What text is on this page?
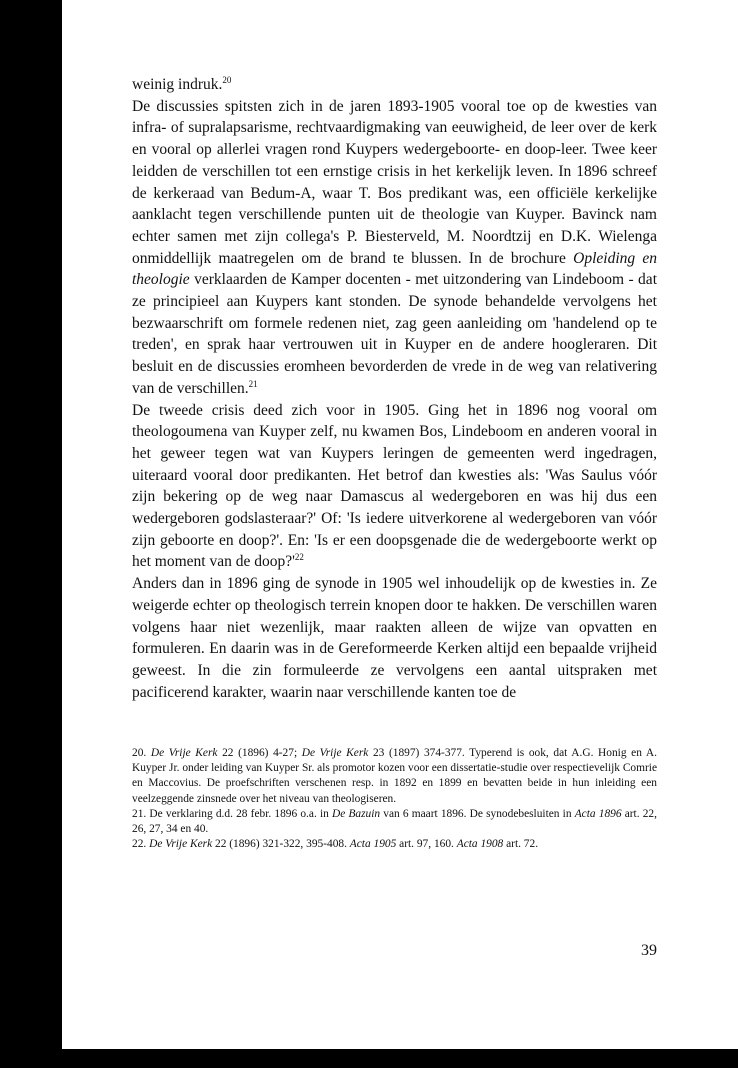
weinig indruk.$^{20}$

De discussies spitsten zich in de jaren 1893-1905 vooral toe op de kwesties van infra- of supralapsarisme, rechtvaardigmaking van eeuwigheid, de leer over de kerk en vooral op allerlei vragen rond Kuypers wedergeboorte- en doop-leer. Twee keer leidden de verschillen tot een ernstige crisis in het kerkelijk leven. In 1896 schreef de kerkeraad van Bedum-A, waar T. Bos predikant was, een officiële kerkelijke aanklacht tegen verschillende punten uit de theologie van Kuyper. Bavinck nam echter samen met zijn collega's P. Biesterveld, M. Noordtzij en D.K. Wielenga onmiddellijk maatregelen om de brand te blussen. In de brochure Opleiding en theologie verklaarden de Kamper docenten - met uitzondering van Lindeboom - dat ze principieel aan Kuypers kant stonden. De synode behandelde vervolgens het bezwaarschrift om formele redenen niet, zag geen aanleiding om 'handelend op te treden', en sprak haar vertrouwen uit in Kuyper en de andere hoogleraren. Dit besluit en de discussies eromheen bevorderden de vrede in de weg van relativering van de verschillen.$^{21}$

De tweede crisis deed zich voor in 1905. Ging het in 1896 nog vooral om theologoumena van Kuyper zelf, nu kwamen Bos, Lindeboom en anderen vooral in het geweer tegen wat van Kuypers leringen de gemeenten werd ingedragen, uiteraard vooral door predikanten. Het betrof dan kwesties als: 'Was Saulus vóór zijn bekering op de weg naar Damascus al wedergeboren en was hij dus een wedergeboren godslasteraar?' Of: 'Is iedere uitverkorene al wedergeboren van vóór zijn geboorte en doop?'. En: 'Is er een doopsgenade die de wedergeboorte werkt op het moment van de $doop?'^{22}$

Anders dan in 1896 ging de synode in 1905 wel inhoudelijk op de kwesties in. Ze weigerde echter op theologisch terrein knopen door te hakken. De verschillen waren volgens haar niet wezenlijk, maar raakten alleen de wijze van opvatten en formuleren. En daarin was in de Gereformeerde Kerken altijd een bepaalde vrijheid geweest. In die zin formuleerde ze vervolgens een aantal uitspraken met pacificerend karakter, waarin naar verschillende kanten toe de

20. De Vrije Kerk 22 (1896) 4-27; De Vrije Kerk 23 (1897) 374-377. Typerend is ook, dat A.G. Honig en A. Kuyper Jr. onder leiding van Kuyper Sr. als promotor kozen voor een dissertatie-studie over respectievelijk Comrie en Maccovius. De proefschriften verschenen resp. in 1892 en 1899 en bevatten beide in hun inleiding een veelzeggende zinsnede over het niveau van theologiseren.

21. De verklaring d.d. 28 febr. 1896 o.a. in De Bazuin van 6 maart 1896. De synodebesluiten in Acta 1896 art. 22, 26, 27, 34 en 40.

22. De Vrije Kerk 22 (1896) 321-322, 395-408. Acta 1905 art. 97, 160. Acta 1908 art. 72.

39
